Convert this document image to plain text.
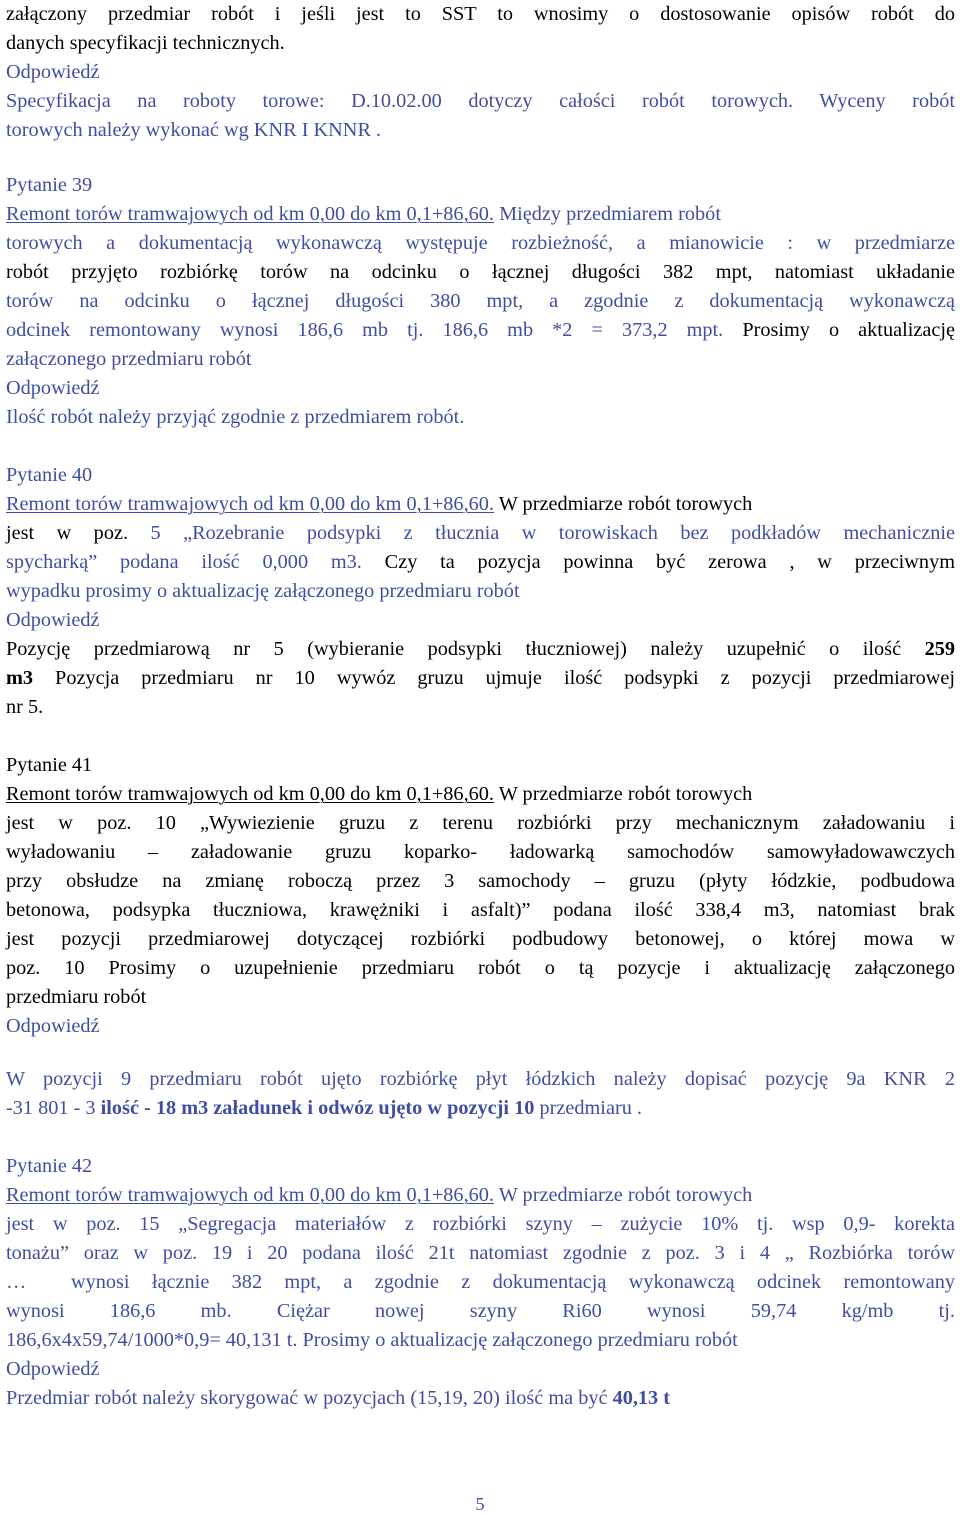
załączony przedmiar robót i jeśli jest to SST to wnosimy o dostosowanie opisów robót do
danych specyfikacji technicznych.
Odpowiedź
Specyfikacja na roboty torowe: D.10.02.00 dotyczy całości robót torowych. Wyceny robót
torowych należy wykonać wg KNR I KNNR .
Pytanie 39
Remont torów tramwajowych od km 0,00 do km 0,1+86,60. Między przedmiarem robót
torowych a dokumentacją wykonawczą występuje rozbieżność, a mianowicie : w przedmiarze
robót przyjęto rozbiórkę torów na odcinku o łącznej długości 382 mpt, natomiast układanie
torów na odcinku o łącznej długości 380 mpt, a zgodnie z dokumentacją wykonawczą
odcinek remontowany wynosi 186,6 mb tj. 186,6 mb *2 = 373,2 mpt. Prosimy o aktualizację
załączonego przedmiaru robót
Odpowiedź
Ilość robót należy przyjąć zgodnie z przedmiarem robót.
Pytanie 40
Remont torów tramwajowych od km 0,00 do km 0,1+86,60. W przedmiarze robót torowych
jest w poz. 5 „Rozebranie podsypki z tłucznia w torowiskach bez podkładów mechanicznie
spycharką” podana ilość 0,000 m3. Czy ta pozycja powinna być zerowa , w przeciwnym
wypadku prosimy o aktualizację załączonego przedmiaru robót
Odpowiedź
Pozycję przedmiarową nr 5 (wybieranie podsypki tłuczniowej) należy uzupełnić o ilość 259
m3 Pozycja przedmiaru nr 10 wywóz gruzu ujmuje ilość podsypki z pozycji przedmiarowej
nr 5.
Pytanie 41
Remont torów tramwajowych od km 0,00 do km 0,1+86,60. W przedmiarze robót torowych
jest w poz. 10 „Wywiezienie gruzu z terenu rozbiórki przy mechanicznym załadowaniu i
wyładowaniu – załadowanie gruzu koparko- ładowarką samochodów samowyładowawczych
przy obsłudze na zmianę roboczą przez 3 samochody – gruzu (płyty łódzkie, podbudowa
betonowa, podsypka tłuczniowa, krawężniki i asfalt)” podana ilość 338,4 m3, natomiast brak
jest pozycji przedmiarowej dotyczącej rozbiórki podbudowy betonowej, o której mowa w
poz. 10 Prosimy o uzupełnienie przedmiaru robót o tą pozycje i aktualizację załączonego
przedmiaru robót
Odpowiedź
W pozycji 9 przedmiaru robót ujęto rozbiórkę płyt łódzkich należy dopisać pozycję 9a KNR 2
-31 801 - 3 ilość - 18 m3 załadunek i odwóz ujęto w pozycji 10 przedmiaru .
Pytanie 42
Remont torów tramwajowych od km 0,00 do km 0,1+86,60. W przedmiarze robót torowych
jest w poz. 15 „Segregacja materiałów z rozbiórki szyny – zużycie 10% tj. wsp 0,9- korekta
tonażu” oraz w poz. 19 i 20 podana ilość 21t natomiast zgodnie z poz. 3 i 4 „ Rozbiórka torów
…  wynosi łącznie 382 mpt, a zgodnie z dokumentacją wykonawczą odcinek remontowany
wynosi 186,6 mb. Ciężar nowej szyny Ri60 wynosi 59,74 kg/mb tj.
186,6x4x59,74/1000*0,9= 40,131 t. Prosimy o aktualizację załączonego przedmiaru robót
Odpowiedź
Przedmiar robót należy skorygować w pozycjach (15,19, 20) ilość ma być 40,13 t
5
